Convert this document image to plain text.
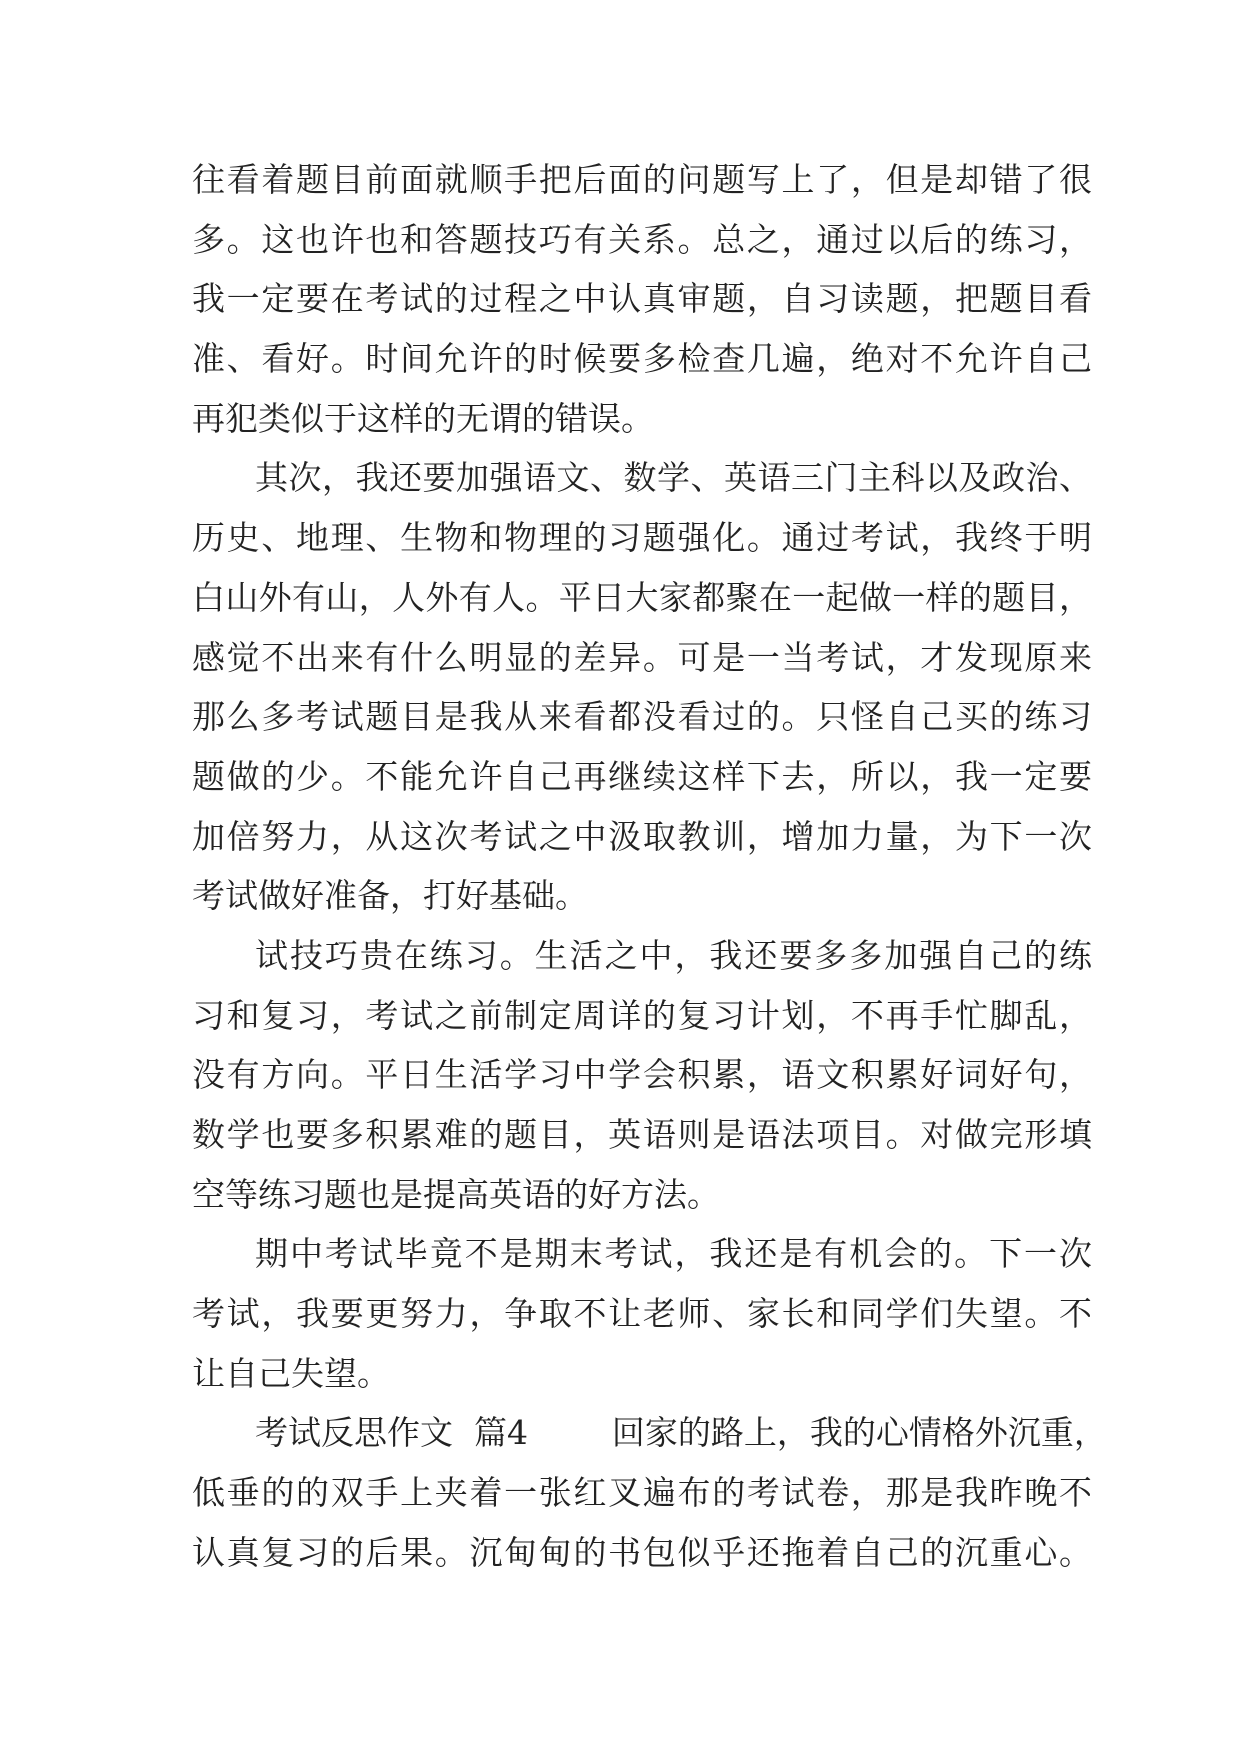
往看着题目前面就顺手把后面的问题写上了，但是却错了很
多。这也许也和答题技巧有关系。总之，通过以后的练习，
我一定要在考试的过程之中认真审题，自习读题，把题目看
准、看好。时间允许的时候要多检查几遍，绝对不允许自己
再犯类似于这样的无谓的错误。
其次，我还要加强语文、数学、英语三门主科以及政治、
历史、地理、生物和物理的习题强化。通过考试，我终于明
白山外有山，人外有人。平日大家都聚在一起做一样的题目，
感觉不出来有什么明显的差异。可是一当考试，才发现原来
那么多考试题目是我从来看都没看过的。只怪自己买的练习
题做的少。不能允许自己再继续这样下去，所以，我一定要
加倍努力，从这次考试之中汲取教训，增加力量，为下一次
考试做好准备，打好基础。
试技巧贵在练习。生活之中，我还要多多加强自己的练
习和复习，考试之前制定周详的复习计划，不再手忙脚乱，
没有方向。平日生活学习中学会积累，语文积累好词好句，
数学也要多积累难的题目，英语则是语法项目。对做完形填
空等练习题也是提高英语的好方法。
期中考试毕竟不是期末考试，我还是有机会的。下一次
考试，我要更努力，争取不让老师、家长和同学们失望。不
让自己失望。
考试反思作文  篇4        回家的路上，我的心情格外沉重，
低垂的的双手上夹着一张红叉遍布的考试卷，那是我昨晚不
认真复习的后果。沉甸甸的书包似乎还拖着自己的沉重心。
